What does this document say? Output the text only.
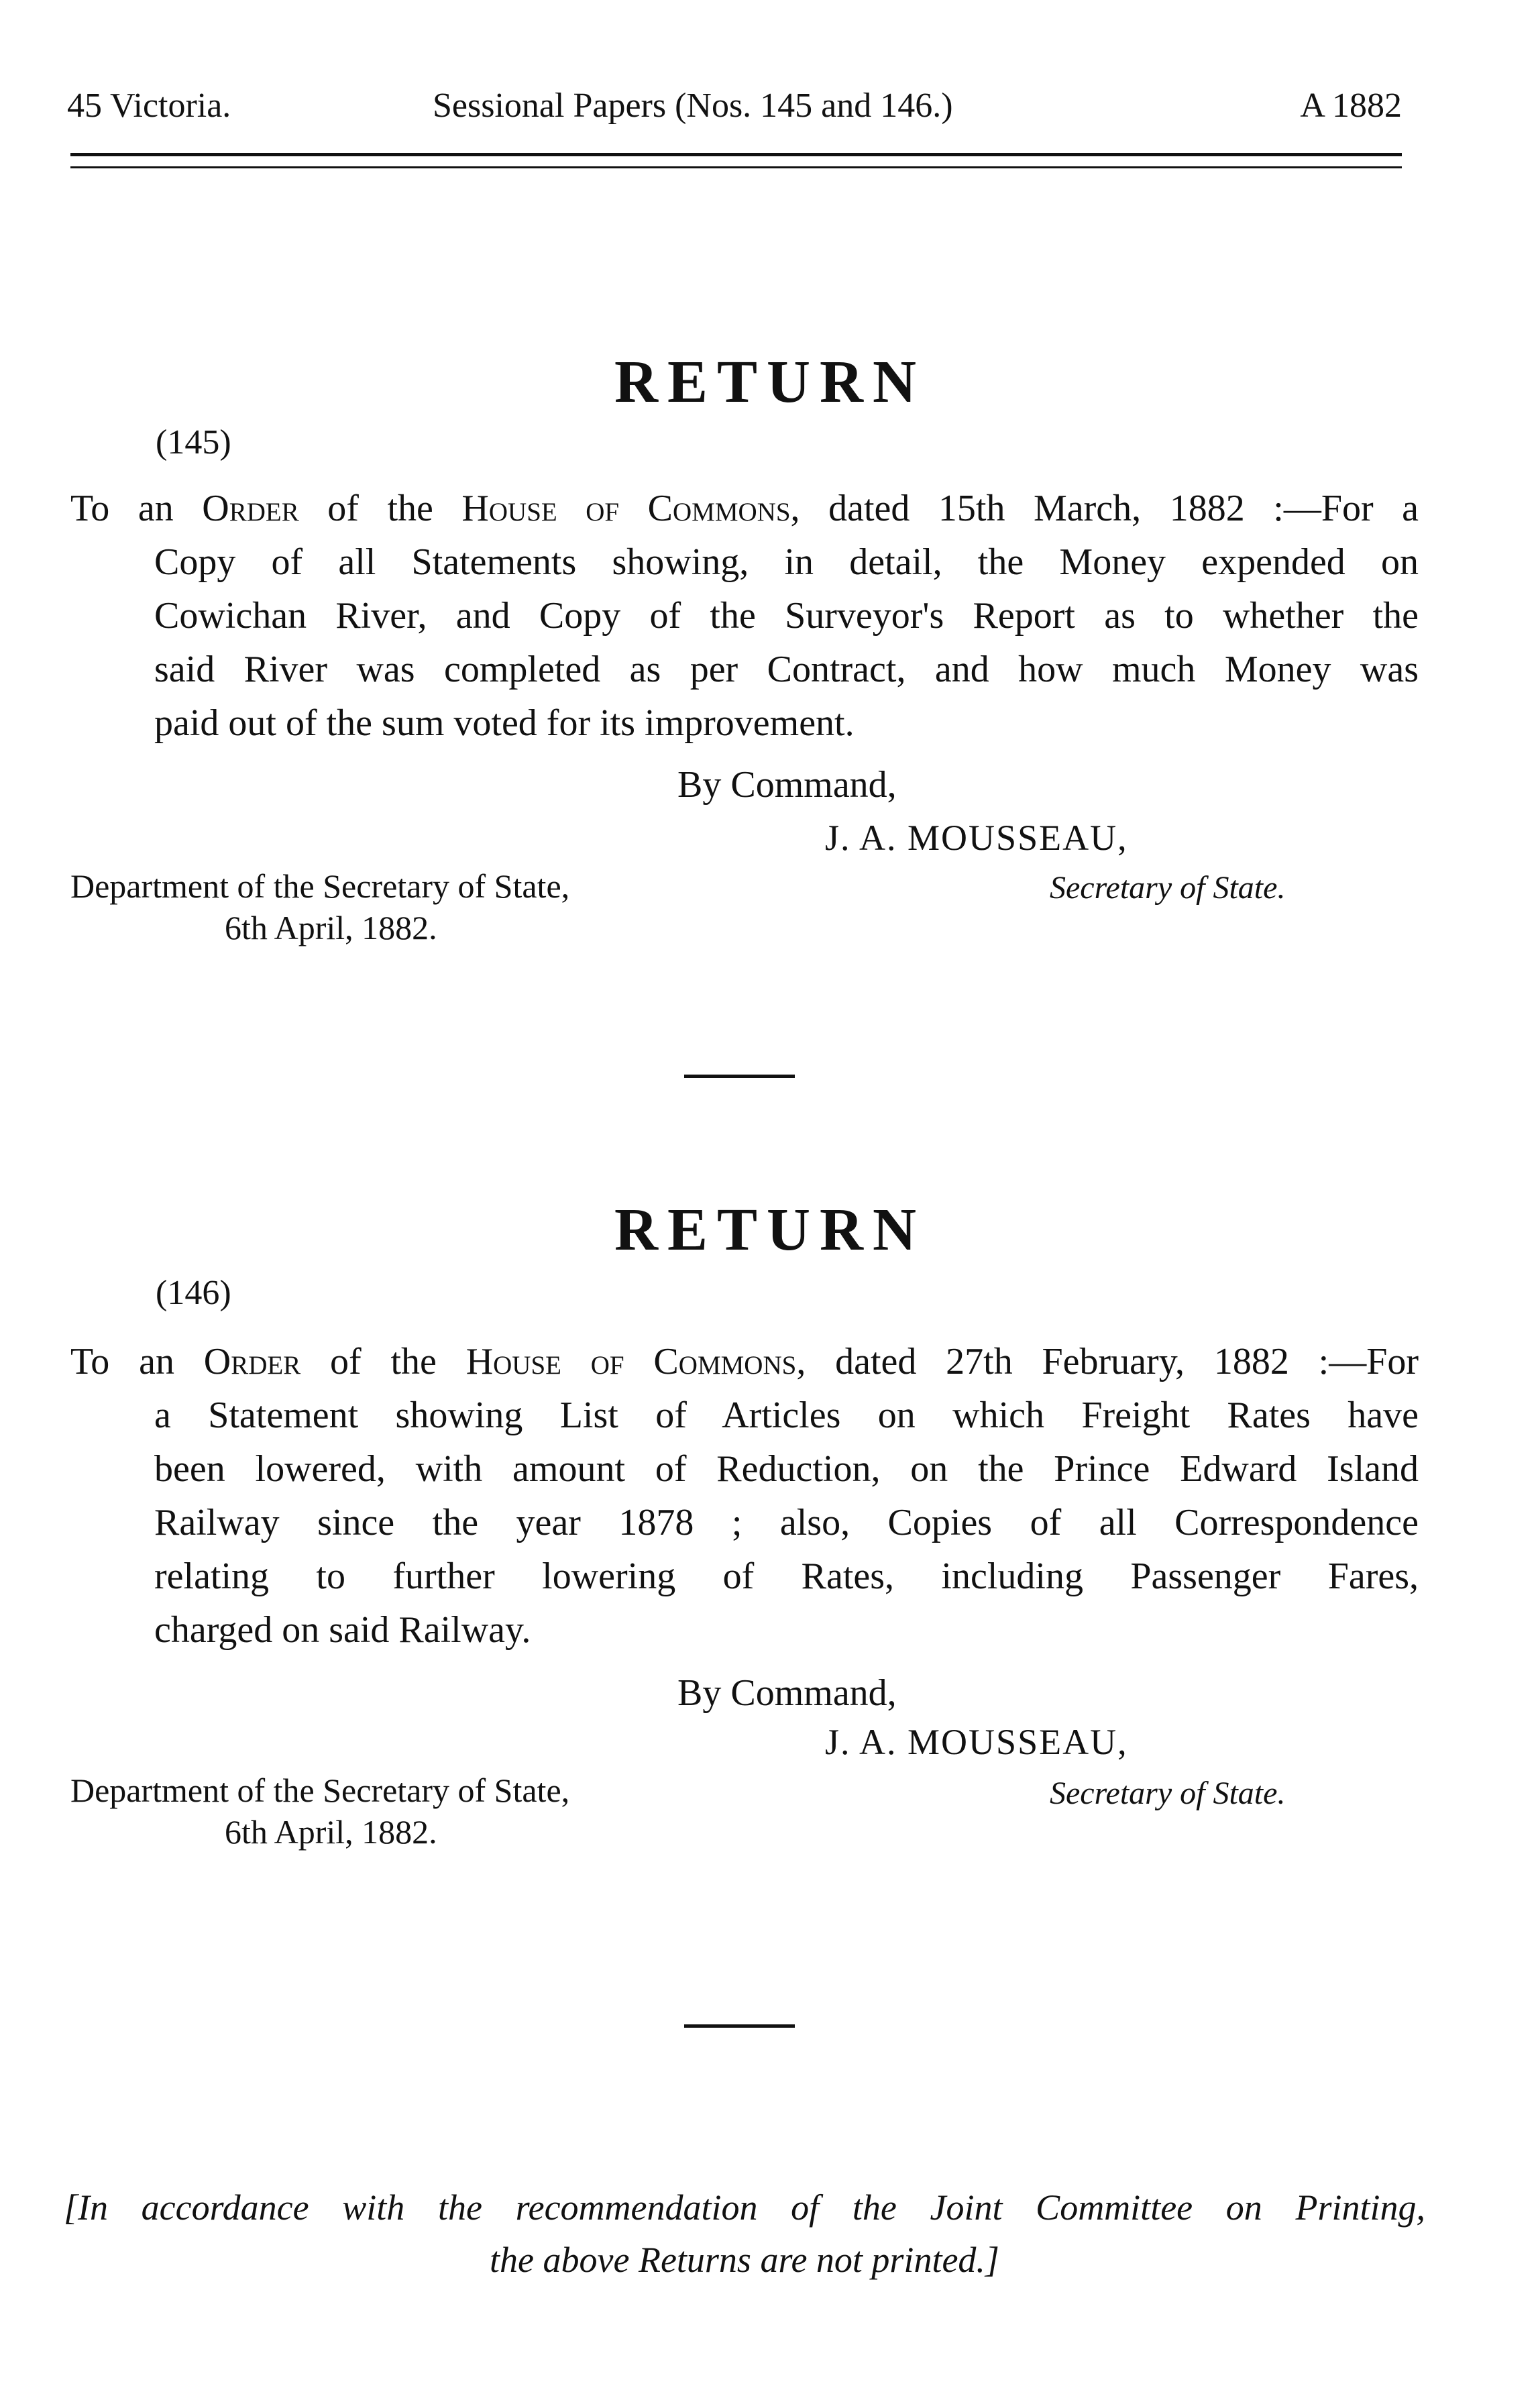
45 Victoria.	Sessional Papers (Nos. 145 and 146.)	A 1882
RETURN
(145)
To an Order of the House of Commons, dated 15th March, 1882 :—For a
Copy of all Statements showing, in detail, the Money expended on
Cowichan River, and Copy of the Surveyor's Report as to whether the
said River was completed as per Contract, and how much Money was
paid out of the sum voted for its improvement.
By Command,
J. A. MOUSSEAU,
Department of the Secretary of State,
6th April, 1882.
Secretary of State.
RETURN
(146)
To an Order of the House of Commons, dated 27th February, 1882 :—For
a Statement showing List of Articles on which Freight Rates have
been lowered, with amount of Reduction, on the Prince Edward Island
Railway since the year 1878 ; also, Copies of all Correspondence
relating to further lowering of Rates, including Passenger Fares,
charged on said Railway.
By Command,
J. A. MOUSSEAU,
Department of the Secretary of State,
6th April, 1882.
Secretary of State.
[In accordance with the recommendation of the Joint Committee on Printing,
the above Returns are not printed.]
